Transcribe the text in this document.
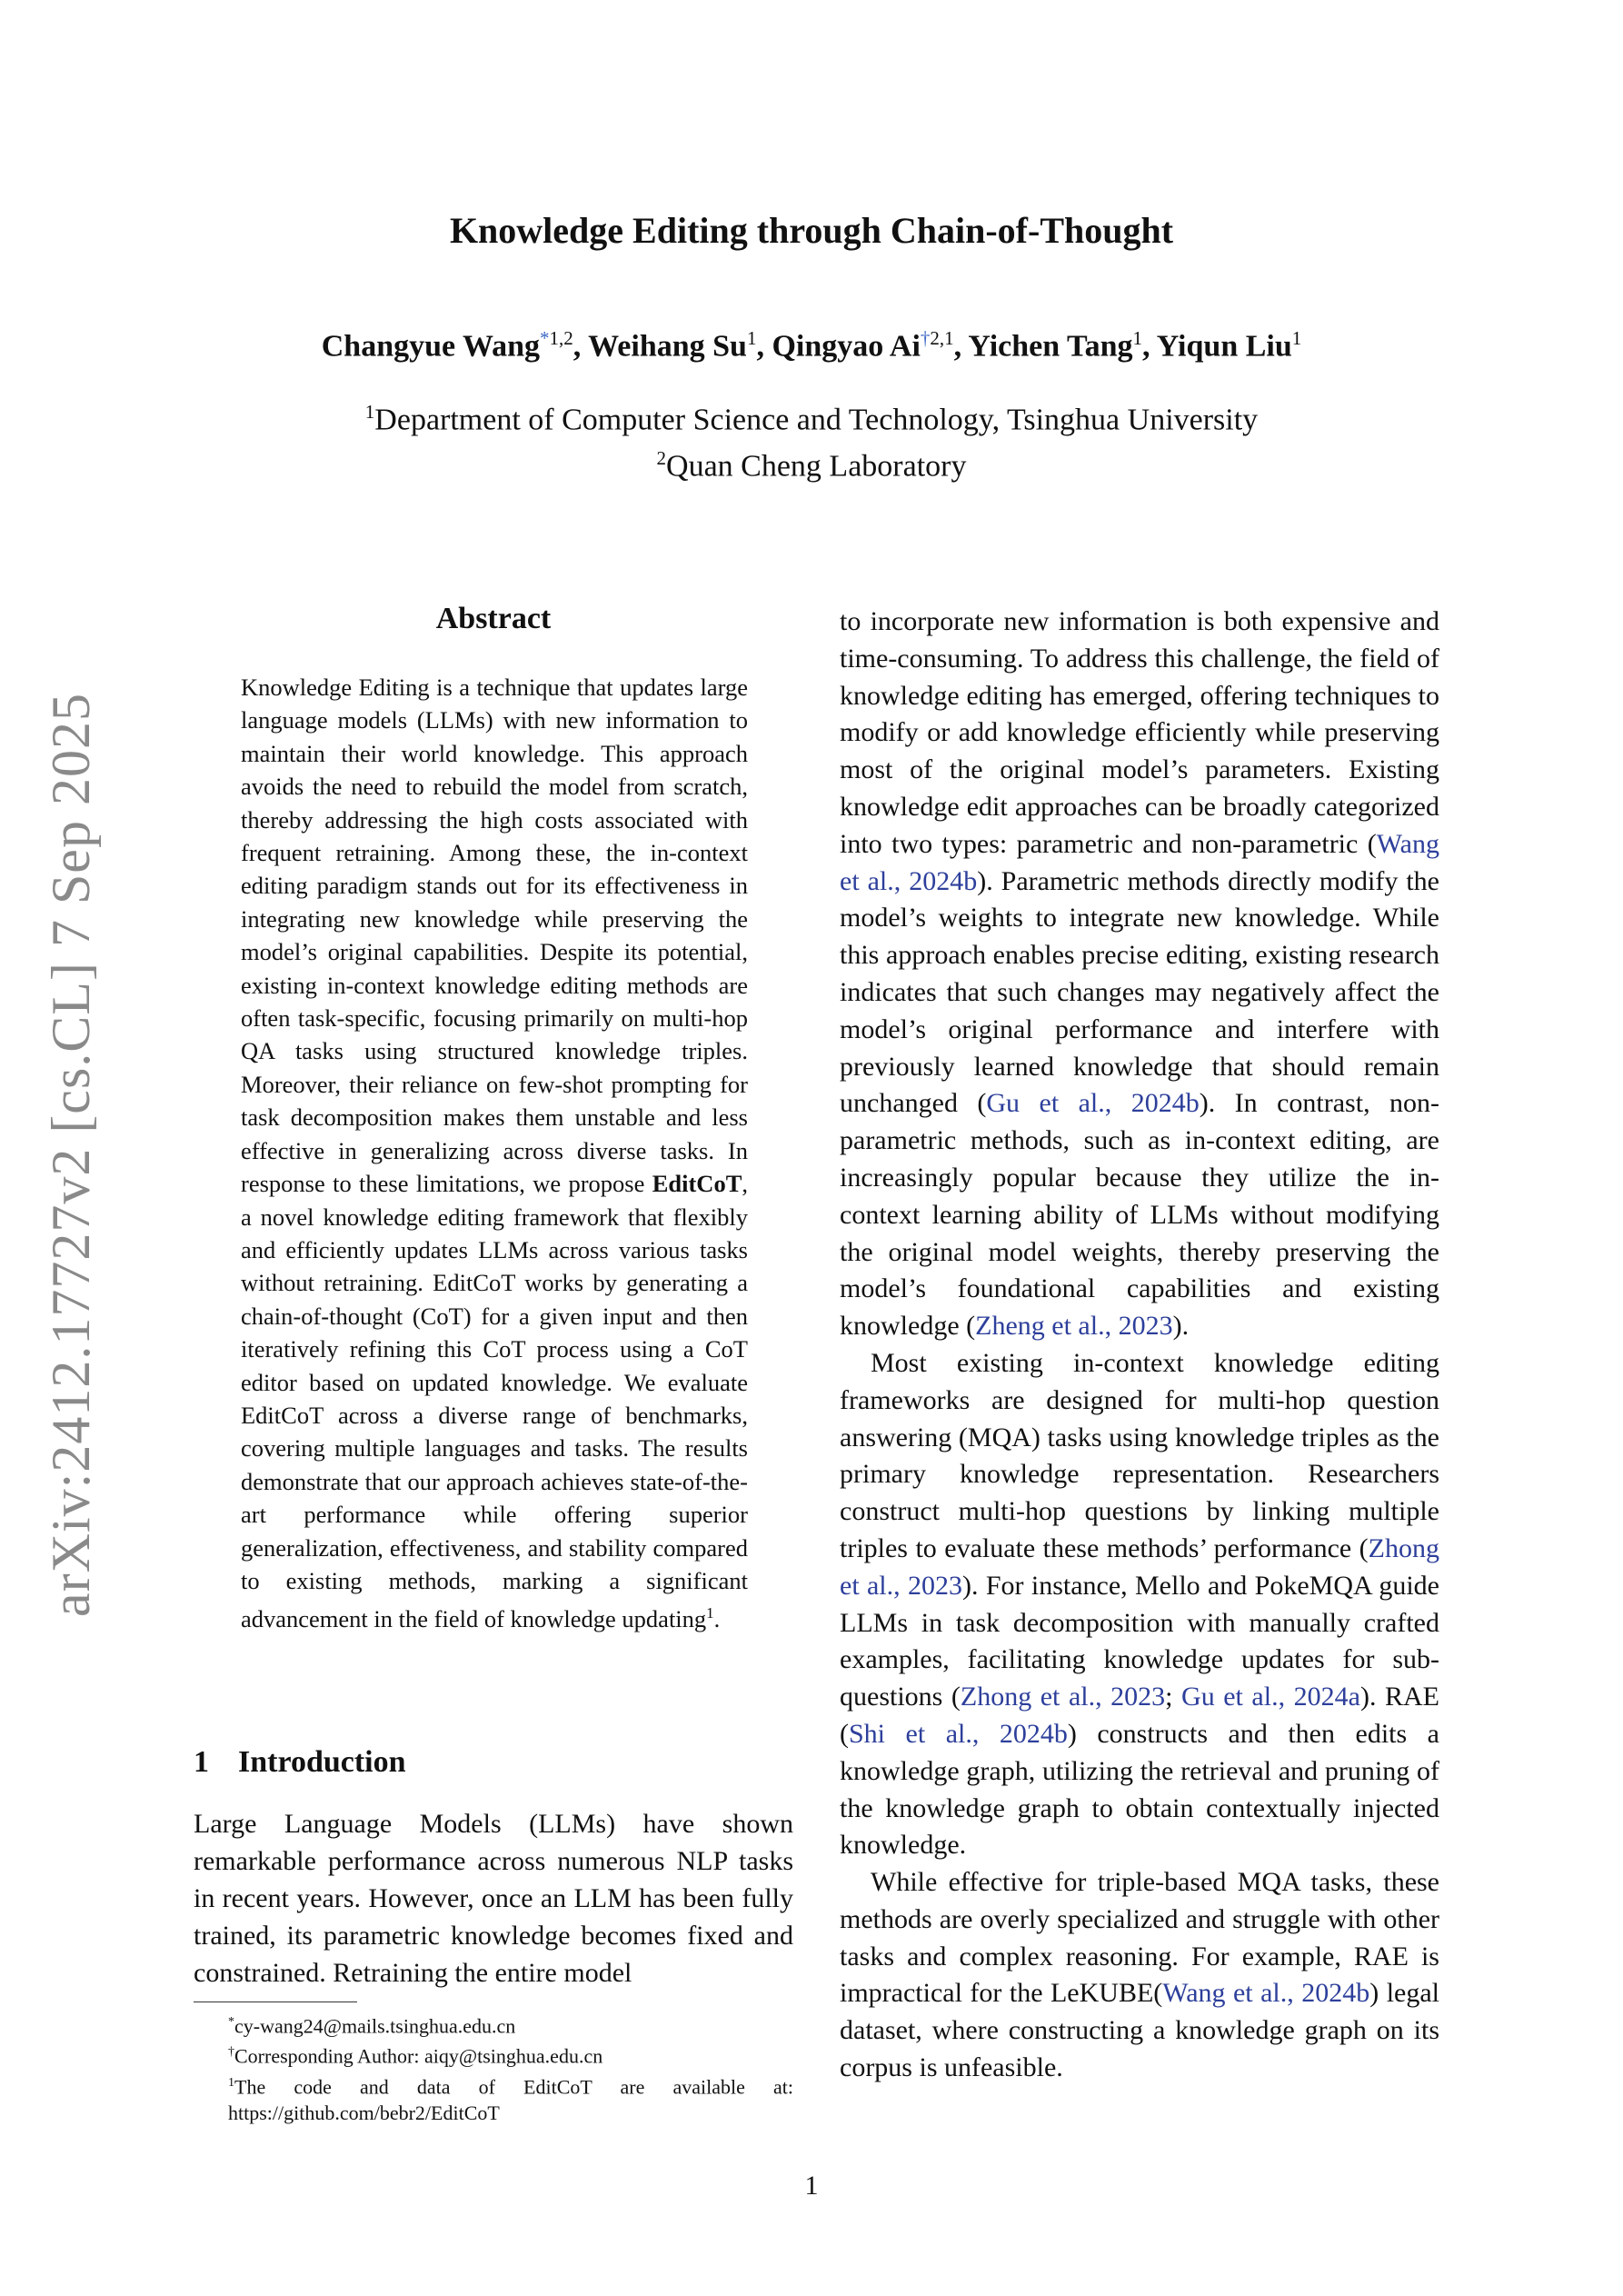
arXiv:2412.17727v2 [cs.CL] 7 Sep 2025
Knowledge Editing through Chain-of-Thought
Changyue Wang$^{*1,2}$, Weihang Su$^1$, Qingyao Ai$^{\dagger 2,1}$, Yichen Tang$^1$, Yiqun Liu$^1$
$^1$Department of Computer Science and Technology, Tsinghua University
$^2$Quan Cheng Laboratory
Abstract
Knowledge Editing is a technique that updates large language models (LLMs) with new information to maintain their world knowledge. This approach avoids the need to rebuild the model from scratch, thereby addressing the high costs associated with frequent retraining. Among these, the in-context editing paradigm stands out for its effectiveness in integrating new knowledge while preserving the model’s original capabilities. Despite its potential, existing in-context knowledge editing methods are often task-specific, focusing primarily on multi-hop QA tasks using structured knowledge triples. Moreover, their reliance on few-shot prompting for task decomposition makes them unstable and less effective in generalizing across diverse tasks. In response to these limitations, we propose EditCoT, a novel knowledge editing framework that flexibly and efficiently updates LLMs across various tasks without retraining. EditCoT works by generating a chain-of-thought (CoT) for a given input and then iteratively refining this CoT process using a CoT editor based on updated knowledge. We evaluate EditCoT across a diverse range of benchmarks, covering multiple languages and tasks. The results demonstrate that our approach achieves state-of-the-art performance while offering superior generalization, effectiveness, and stability compared to existing methods, marking a significant advancement in the field of knowledge updating$^1$.
1 Introduction
Large Language Models (LLMs) have shown remarkable performance across numerous NLP tasks in recent years. However, once an LLM has been fully trained, its parametric knowledge becomes fixed and constrained. Retraining the entire model

*cy-wang24@mails.tsinghua.edu.cn

†Corresponding Author: aiqy@tsinghua.edu.cn

$^1$The code and data of EditCoT are available at: https://github.com/bebr2/EditCoT

to incorporate new information is both expensive and time-consuming. To address this challenge, the field of knowledge editing has emerged, offering techniques to modify or add knowledge efficiently while preserving most of the original model’s parameters. Existing knowledge edit approaches can be broadly categorized into two types: parametric and non-parametric (Wang et al., 2024b). Parametric methods directly modify the model’s weights to integrate new knowledge. While this approach enables precise editing, existing research indicates that such changes may negatively affect the model’s original performance and interfere with previously learned knowledge that should remain unchanged (Gu et al., 2024b). In contrast, non-parametric methods, such as in-context editing, are increasingly popular because they utilize the in-context learning ability of LLMs without modifying the original model weights, thereby preserving the model’s foundational capabilities and existing knowledge (Zheng et al., 2023).

Most existing in-context knowledge editing frameworks are designed for multi-hop question answering (MQA) tasks using knowledge triples as the primary knowledge representation. Researchers construct multi-hop questions by linking multiple triples to evaluate these methods’ performance (Zhong et al., 2023). For instance, Mello and PokeMQA guide LLMs in task decomposition with manually crafted examples, facilitating knowledge updates for sub-questions (Zhong et al., 2023; Gu et al., 2024a). RAE (Shi et al., 2024b) constructs and then edits a knowledge graph, utilizing the retrieval and pruning of the knowledge graph to obtain contextually injected knowledge.

While effective for triple-based MQA tasks, these methods are overly specialized and struggle with other tasks and complex reasoning. For example, RAE is impractical for the LeKUBE(Wang et al., 2024b) legal dataset, where constructing a knowledge graph on its corpus is unfeasible.

1
